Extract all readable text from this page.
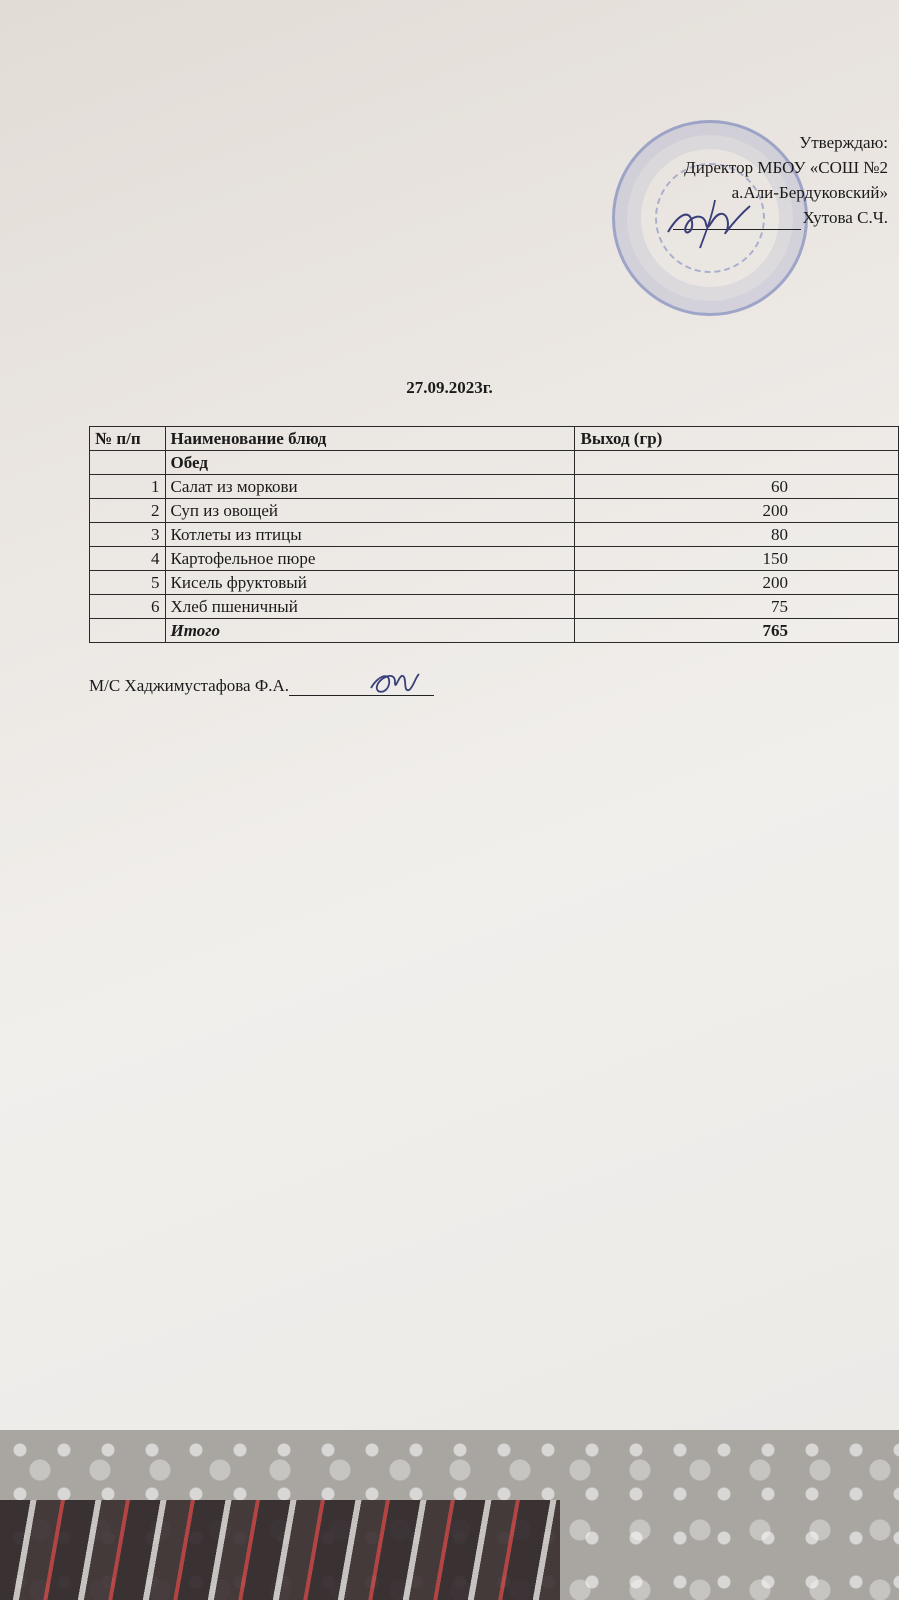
Утверждаю:
Директор МБОУ «СОШ №2
а.Али-Бердуковский»
Хутова С.Ч.
27.09.2023г.
№ п/п	Наименование блюд	Выход (гр)
	Обед	
1	Салат из моркови	60
2	Суп из овощей	200
3	Котлеты из птицы	80
4	Картофельное пюре	150
5	Кисель фруктовый	200
6	Хлеб пшеничный	75
	Итого	765
М/С Хаджимустафова Ф.А.
